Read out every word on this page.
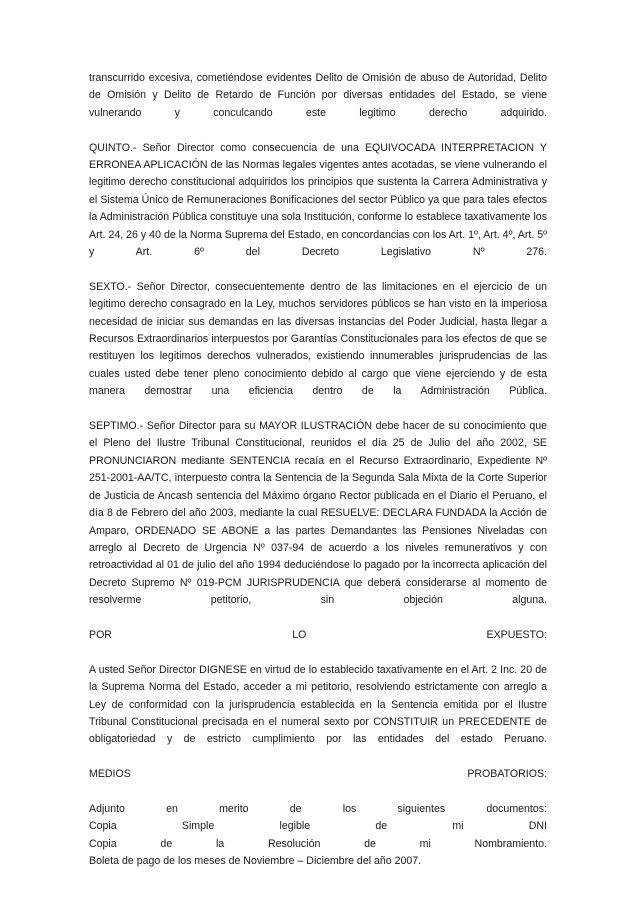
transcurrido excesiva, cometiéndose evidentes Delito de Omisión de abuso de Autoridad, Delito de Omisión y Delito de Retardo de Función por diversas entidades del Estado, se viene vulnerando y conculcando este legitimo derecho adquirido.

QUINTO.- Señor Director como consecuencia de una EQUIVOCADA INTERPRETACION Y ERRONEA APLICACIÓN de las Normas legales vigentes antes acotadas, se viene vulnerando el legitimo derecho constitucional adquiridos los principios que sustenta la Carrera Administrativa y el Sistema Único de Remuneraciones Bonificaciones del sector Público ya que para tales efectos la Administración Pública constituye una sola Institución, conforme lo establece taxativamente los Art. 24, 26 y 40 de la Norma Suprema del Estado, en concordancias con los Art. 1º, Art. 4º, Art. 5º y Art. 6º del Decreto Legislativo Nº 276.

SEXTO.- Señor Director, consecuentemente dentro de las limitaciones en el ejercicio de un legitimo derecho consagrado en la Ley, muchos servidores públicos se han visto en la imperiosa necesidad de iniciar sus demandas en las diversas instancias del Poder Judicial, hasta llegar a Recursos Extraordinarios interpuestos por Garantías Constitucionales para los efectos de que se restituyen los legitimos derechos vulnerados, existiendo innumerables jurisprudencias de las cuales usted debe tener pleno conocimiento debido al cargo que viene ejerciendo y de esta manera demostrar una eficiencia dentro de la Administración Pública.

SEPTIMO.- Señor Director para su MAYOR ILUSTRACIÓN debe hacer de su conocimiento que el Pleno del Ilustre Tribunal Constitucional, reunidos el día 25 de Julio del año 2002, SE PRONUNCIARON mediante SENTENCIA recaía en el Recurso Extraordinario, Expediente Nº 251-2001-AA/TC, interpuesto contra la Sentencia de la Segunda Sala Mixta de la Corte Superior de Justicia de Ancash sentencia del Máximo órgano Rector publicada en el Diario el Peruano, el día 8 de Febrero del año 2003, mediante la cual RESUELVE: DECLARA FUNDADA la Acción de Amparo, ORDENADO SE ABONE a las partes Demandantes las Pensiones Niveladas con arreglo al Decreto de Urgencia Nº 037-94 de acuerdo a los niveles remunerativos y con retroactividad al 01 de julio del año 1994 deduciéndose lo pagado por la incorrecta aplicación del Decreto Supremo Nº 019-PCM JURISPRUDENCIA que deberá considerarse al momento de resolverme petitorio, sin objeción alguna.

POR	LO	EXPUESTO:

A usted Señor Director DIGNESE en virtud de lo establecido taxativamente en el Art. 2 Inc. 20 de la Suprema Norma del Estado, acceder a mi petitorio, resolviendo estrictamente con arreglo a Ley de conformidad con la jurisprudencia establecida en la Sentencia emitida por el Ilustre Tribunal Constitucional precisada en el numeral sexto por CONSTITUIR un PRECEDENTE de obligatoriedad y de estricto cumplimiento por las entidades del estado Peruano.

MEDIOS	PROBATORIOS:
Adjunto	en	merito	de	los	siguientes	documentos:
Copia	Simple	legible	de	mi	DNI
Copia	de	la	Resolución	de	mi	Nombramiento.
Boleta de pago de los meses de Noviembre – Diciembre del año 2007.
